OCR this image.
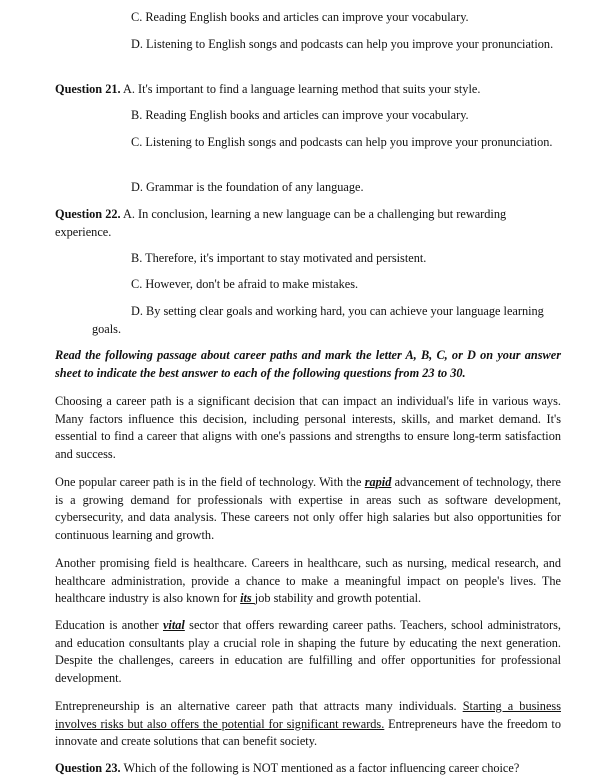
C. Reading English books and articles can improve your vocabulary.
D. Listening to English songs and podcasts can help you improve your pronunciation.
Question 21. A. It's important to find a language learning method that suits your style.
B. Reading English books and articles can improve your vocabulary.
C. Listening to English songs and podcasts can help you improve your pronunciation.
D. Grammar is the foundation of any language.
Question 22. A. In conclusion, learning a new language can be a challenging but rewarding experience.
B. Therefore, it's important to stay motivated and persistent.
C. However, don't be afraid to make mistakes.
D. By setting clear goals and working hard, you can achieve your language learning goals.
Read the following passage about career paths and mark the letter A, B, C, or D on your answer sheet to indicate the best answer to each of the following questions from 23 to 30.
Choosing a career path is a significant decision that can impact an individual's life in various ways. Many factors influence this decision, including personal interests, skills, and market demand. It's essential to find a career that aligns with one's passions and strengths to ensure long-term satisfaction and success.
One popular career path is in the field of technology. With the rapid advancement of technology, there is a growing demand for professionals with expertise in areas such as software development, cybersecurity, and data analysis. These careers not only offer high salaries but also opportunities for continuous learning and growth.
Another promising field is healthcare. Careers in healthcare, such as nursing, medical research, and healthcare administration, provide a chance to make a meaningful impact on people's lives. The healthcare industry is also known for its job stability and growth potential.
Education is another vital sector that offers rewarding career paths. Teachers, school administrators, and education consultants play a crucial role in shaping the future by educating the next generation. Despite the challenges, careers in education are fulfilling and offer opportunities for professional development.
Entrepreneurship is an alternative career path that attracts many individuals. Starting a business involves risks but also offers the potential for significant rewards. Entrepreneurs have the freedom to innovate and create solutions that can benefit society.
Question 23. Which of the following is NOT mentioned as a factor influencing career choice?
